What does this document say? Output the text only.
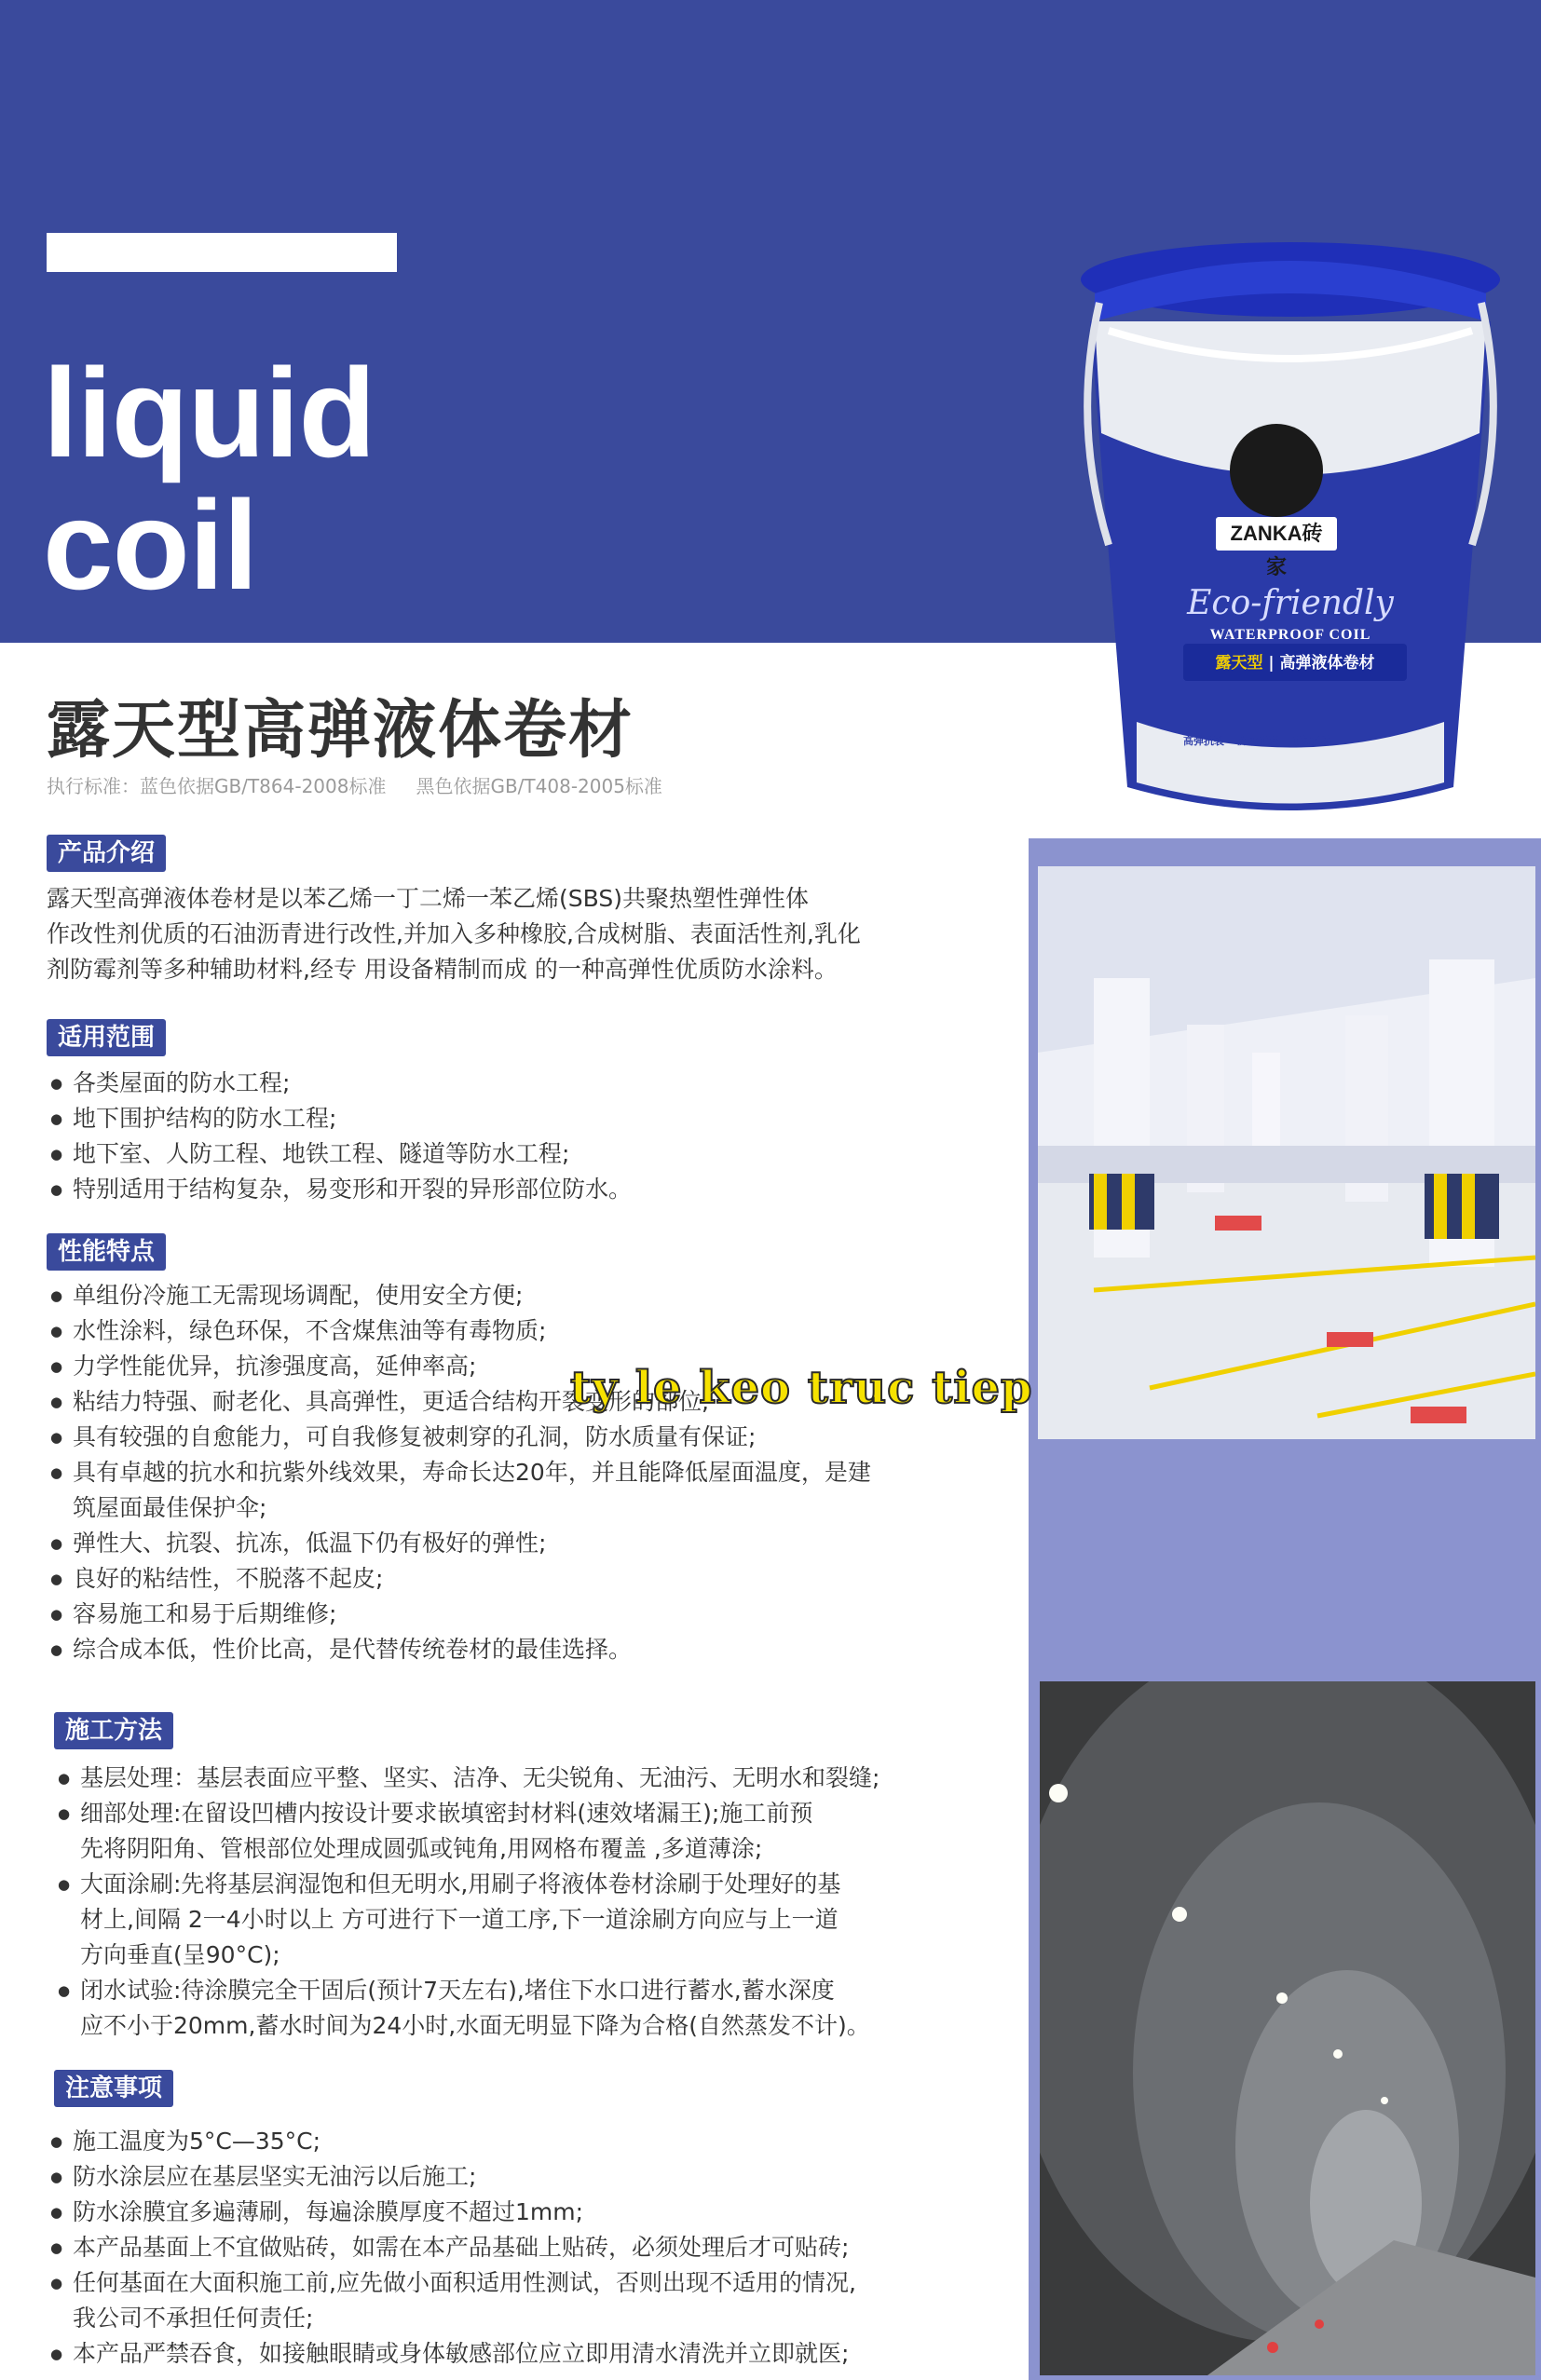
liquid
coil	ZANKA砖家
Eco-friendly
WATERPROOF COIL
露天型 | 高弹液体卷材
高弹抗裂 防水耐磨 耐热抗冻
露天型高弹液体卷材
执行标准：蓝色依据GB/T864-2008标准 黑色依据GB/T408-2005标准
产品介绍
露天型高弹液体卷材是以苯乙烯一丁二烯一苯乙烯(SBS)共聚热塑性弹性体
作改性剂优质的石油沥青进行改性,并加入多种橡胶,合成树脂、表面活性剂,乳化
剂防霉剂等多种辅助材料,经专 用设备精制而成 的一种高弹性优质防水涂料。
适用范围
● 各类屋面的防水工程;
● 地下围护结构的防水工程;
● 地下室、人防工程、地铁工程、隧道等防水工程;
● 特别适用于结构复杂，易变形和开裂的异形部位防水。
性能特点
● 单组份冷施工无需现场调配，使用安全方便;
● 水性涂料，绿色环保，不含煤焦油等有毒物质;
● 力学性能优异，抗渗强度高，延伸率高;
● 粘结力特强、耐老化、具高弹性，更适合结构开裂变形的部位;
● 具有较强的自愈能力，可自我修复被刺穿的孔洞，防水质量有保证;
● 具有卓越的抗水和抗紫外线效果，寿命长达20年，并且能降低屋面温度，是建
筑屋面最佳保护伞;
● 弹性大、抗裂、抗冻，低温下仍有极好的弹性;
● 良好的粘结性，不脱落不起皮;
● 容易施工和易于后期维修;
● 综合成本低，性价比高，是代替传统卷材的最佳选择。
施工方法
● 基层处理：基层表面应平整、坚实、洁净、无尖锐角、无油污、无明水和裂缝;
● 细部处理:在留设凹槽内按设计要求嵌填密封材料(速效堵漏王);施工前预
先将阴阳角、管根部位处理成圆弧或钝角,用网格布覆盖 ,多道薄涂;
● 大面涂刷:先将基层润湿饱和但无明水,用刷子将液体卷材涂刷于处理好的基
材上,间隔 2一4小时以上 方可进行下一道工序,下一道涂刷方向应与上一道
方向垂直(呈90°C);
● 闭水试验:待涂膜完全干固后(预计7天左右),堵住下水口进行蓄水,蓄水深度
应不小于20mm,蓄水时间为24小时,水面无明显下降为合格(自然蒸发不计)。
注意事项
● 施工温度为5°C—35°C;
● 防水涂层应在基层坚实无油污以后施工;
● 防水涂膜宜多遍薄刷，每遍涂膜厚度不超过1mm;
● 本产品基面上不宜做贴砖，如需在本产品基础上贴砖，必须处理后才可贴砖;
● 任何基面在大面积施工前,应先做小面积适用性测试，否则出现不适用的情况,
我公司不承担任何责任;
● 本产品严禁吞食，如接触眼睛或身体敏感部位应立即用清水清洗并立即就医;
ty le keo truc tiep
